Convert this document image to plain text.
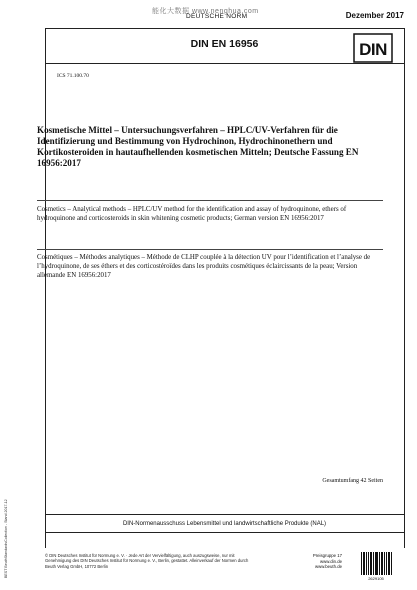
能化大数据 www.nenghua.com
DEUTSCHE NORM	Dezember 2017
DIN EN 16956	DIN
ICS 71.100.70
Kosmetische Mittel – Untersuchungsverfahren – HPLC/UV-Verfahren für die Identifizierung und Bestimmung von Hydrochinon, Hydrochinonethern und Kortikosteroiden in hautaufhellenden kosmetischen Mitteln; Deutsche Fassung EN 16956:2017
Cosmetics – Analytical methods – HPLC/UV method for the identification and assay of hydroquinone, ethers of hydroquinone and corticosteroids in skin whitening cosmetic products; German version EN 16956:2017
Cosmétiques – Méthodes analytiques – Méthode de CLHP couplée à la détection UV pour l’identification et l’analyse de l’hydroquinone, de ses éthers et des corticostéroïdes dans les produits cosmétiques éclaircissants de la peau; Version allemande EN 16956:2017
Gesamtumfang 42 Seiten
DIN-Normenausschuss Lebensmittel und landwirtschaftliche Produkte (NAL)
© DIN Deutsches Institut für Normung e. V. · Jede Art der Vervielfältigung, auch auszugsweise, nur mit Genehmigung des DIN Deutsches Institut für Normung e. V., Berlin, gestattet. Alleinverkauf der Normen durch Beuth Verlag GmbH, 10772 Berlin
Preisgruppe 17
www.din.de
www.beuth.de
2629105
BEST BeuthStandardsCollection - Stand 2017-12
